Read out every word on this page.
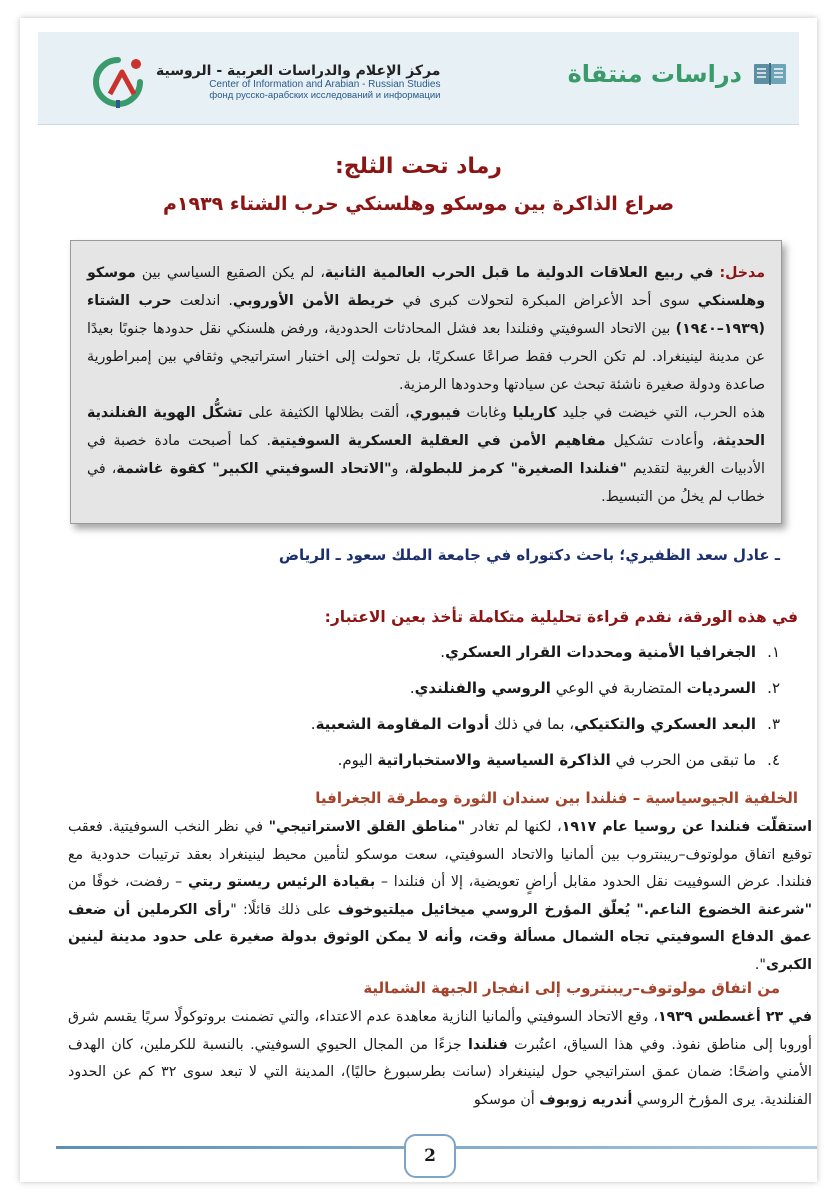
دراسات منتقاة
مركز الإعلام والدراسات العربية - الروسية
Center of Information and Arabian - Russian Studies
фонд русско-арабских исследований и информации
رماد تحت الثلج:
صراع الذاكرة بين موسكو وهلسنكي حرب الشتاء ١٩٣٩م

مدخل: في ربيع العلاقات الدولية ما قبل الحرب العالمية الثانية، لم يكن الصقيع السياسي بين موسكو وهلسنكي سوى أحد الأعراض المبكرة لتحولات كبرى في خريطة الأمن الأوروبي. اندلعت حرب الشتاء (١٩٣٩–١٩٤٠) بين الاتحاد السوفيتي وفنلندا بعد فشل المحادثات الحدودية، ورفض هلسنكي نقل حدودها جنوبًا بعيدًا عن مدينة لينينغراد. لم تكن الحرب فقط صراعًا عسكريًا، بل تحولت إلى اختبار استراتيجي وثقافي بين إمبراطورية صاعدة ودولة صغيرة ناشئة تبحث عن سيادتها وحدودها الرمزية.

هذه الحرب، التي خيضت في جليد كاريليا وغابات فيبوري، ألقت بظلالها الكثيفة على تشكُّل الهوية الفنلندية الحديثة، وأعادت تشكيل مفاهيم الأمن في العقلية العسكرية السوفيتية. كما أصبحت مادة خصبة في الأدبيات الغربية لتقديم "فنلندا الصغيرة" كرمز للبطولة، و"الاتحاد السوفيتي الكبير" كقوة غاشمة، في خطاب لم يخلُ من التبسيط.

ـ عادل سعد الظفيري؛ باحث دكتوراه في جامعة الملك سعود ـ الرياض
في هذه الورقة، نقدم قراءة تحليلية متكاملة تأخذ بعين الاعتبار:
١.
الجغرافيا الأمنية ومحددات القرار العسكري.
٢.
السرديات المتضاربة في الوعي الروسي والفنلندي.
٣.
البعد العسكري والتكتيكي، بما في ذلك أدوات المقاومة الشعبية.
٤.
ما تبقى من الحرب في الذاكرة السياسية والاستخباراتية اليوم.
الخلفية الجيوسياسية – فنلندا بين سندان الثورة ومطرقة الجغرافيا

استقلّت فنلندا عن روسيا عام ١٩١٧، لكنها لم تغادر "مناطق القلق الاستراتيجي" في نظر النخب السوفيتية. فعقب توقيع اتفاق مولوتوف–ريبنتروب بين ألمانيا والاتحاد السوفيتي، سعت موسكو لتأمين محيط لينينغراد بعقد ترتيبات حدودية مع فنلندا. عرض السوفييت نقل الحدود مقابل أراضٍ تعويضية، إلا أن فنلندا – بقيادة الرئيس ريستو ريتي – رفضت، خوفًا من "شرعنة الخضوع الناعم." يُعلّق المؤرخ الروسي ميخائيل ميلتيوخوف على ذلك قائلًا: "رأى الكرملين أن ضعف عمق الدفاع السوفيتي تجاه الشمال مسألة وقت، وأنه لا يمكن الوثوق بدولة صغيرة على حدود مدينة لينين الكبرى".

من اتفاق مولوتوف–ريبنتروب إلى انفجار الجبهة الشمالية

في ٢٣ أغسطس ١٩٣٩، وقع الاتحاد السوفيتي وألمانيا النازية معاهدة عدم الاعتداء، والتي تضمنت بروتوكولًا سريًا يقسم شرق أوروبا إلى مناطق نفوذ. وفي هذا السياق، اعتُبرت فنلندا جزءًا من المجال الحيوي السوفيتي. بالنسبة للكرملين، كان الهدف الأمني واضحًا: ضمان عمق استراتيجي حول لينينغراد (سانت بطرسبورغ حاليًا)، المدينة التي لا تبعد سوى ٣٢ كم عن الحدود الفنلندية. يرى المؤرخ الروسي أندريه زوبوف أن موسكو

2
